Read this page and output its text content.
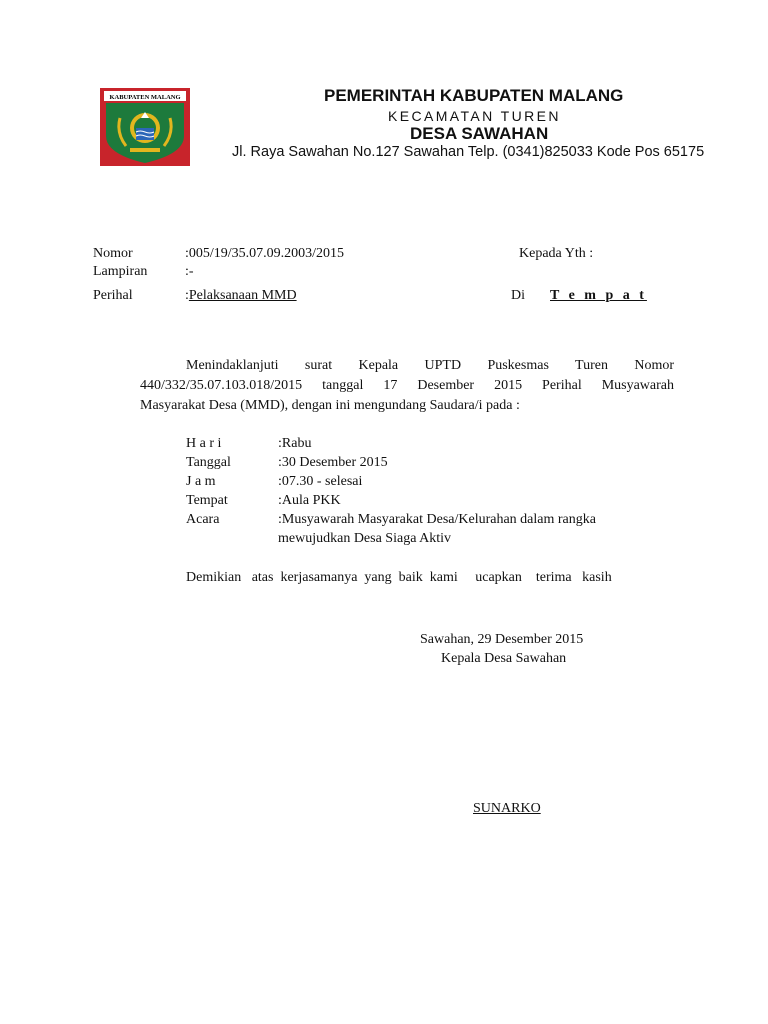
KABUPATEN MALANG	PEMERINTAH KABUPATEN MALANG
KECAMATAN TUREN
DESA SAWAHAN
Jl. Raya Sawahan No.127 Sawahan Telp. (0341)825033 Kode Pos 65175
Nomor	:005/19/35.07.09.2003/2015	Kepada Yth :
Lampiran	:-
Perihal	:Pelaksanaan MMD	Di T e m p a t
Menindaklanjuti surat Kepala UPTD Puskesmas Turen Nomor
440/332/35.07.103.018/2015 tanggal 17 Desember 2015 Perihal Musyawarah
Masyarakat Desa (MMD), dengan ini mengundang Saudara/i pada :
H a r i	:Rabu
Tanggal	:30 Desember 2015
J a m	:07.30 - selesai
Tempat	:Aula PKK
Acara	:Musyawarah Masyarakat Desa/Kelurahan dalam rangka
mewujudkan Desa Siaga Aktiv
Demikian   atas  kerjasamanya  yang  baik  kami     ucapkan    terima   kasih
Sawahan, 29 Desember 2015
Kepala Desa Sawahan
SUNARKO
